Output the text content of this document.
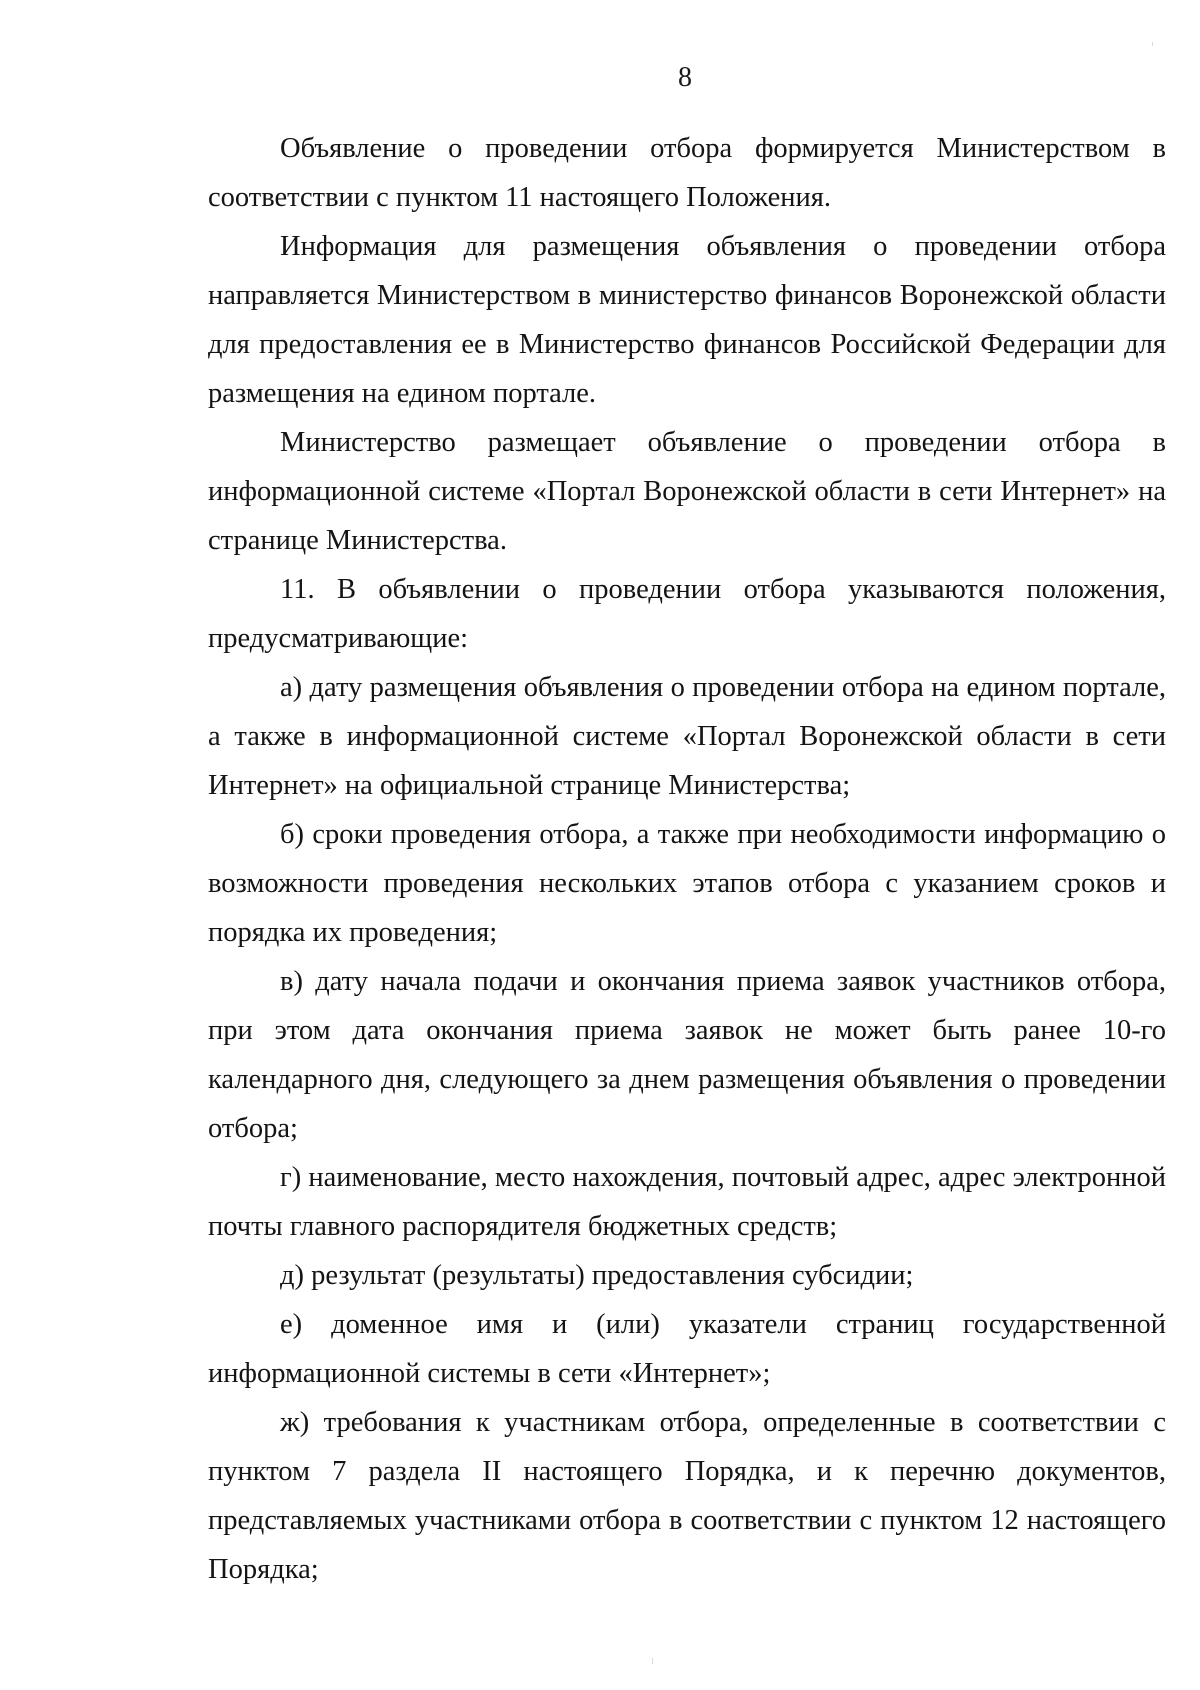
8

Объявление о проведении отбора формируется Министерством в соответствии с пунктом 11 настоящего Положения.

Информация для размещения объявления о проведении отбора направляется Министерством в министерство финансов Воронежской области для предоставления ее в Министерство финансов Российской Федерации для размещения на едином портале.

Министерство размещает объявление о проведении отбора в информационной системе «Портал Воронежской области в сети Интернет» на странице Министерства.

11. В объявлении о проведении отбора указываются положения, предусматривающие:

а) дату размещения объявления о проведении отбора на едином портале, а также в информационной системе «Портал Воронежской области в сети Интернет» на официальной странице Министерства;

б) сроки проведения отбора, а также при необходимости информацию о возможности проведения нескольких этапов отбора с указанием сроков и порядка их проведения;

в) дату начала подачи и окончания приема заявок участников отбора, при этом дата окончания приема заявок не может быть ранее 10-го календарного дня, следующего за днем размещения объявления о проведении отбора;

г) наименование, место нахождения, почтовый адрес, адрес электронной почты главного распорядителя бюджетных средств;

д) результат (результаты) предоставления субсидии;

е) доменное имя и (или) указатели страниц государственной информационной системы в сети «Интернет»;

ж) требования к участникам отбора, определенные в соответствии с пунктом 7 раздела II настоящего Порядка, и к перечню документов, представляемых участниками отбора в соответствии с пунктом 12 настоящего Порядка;
